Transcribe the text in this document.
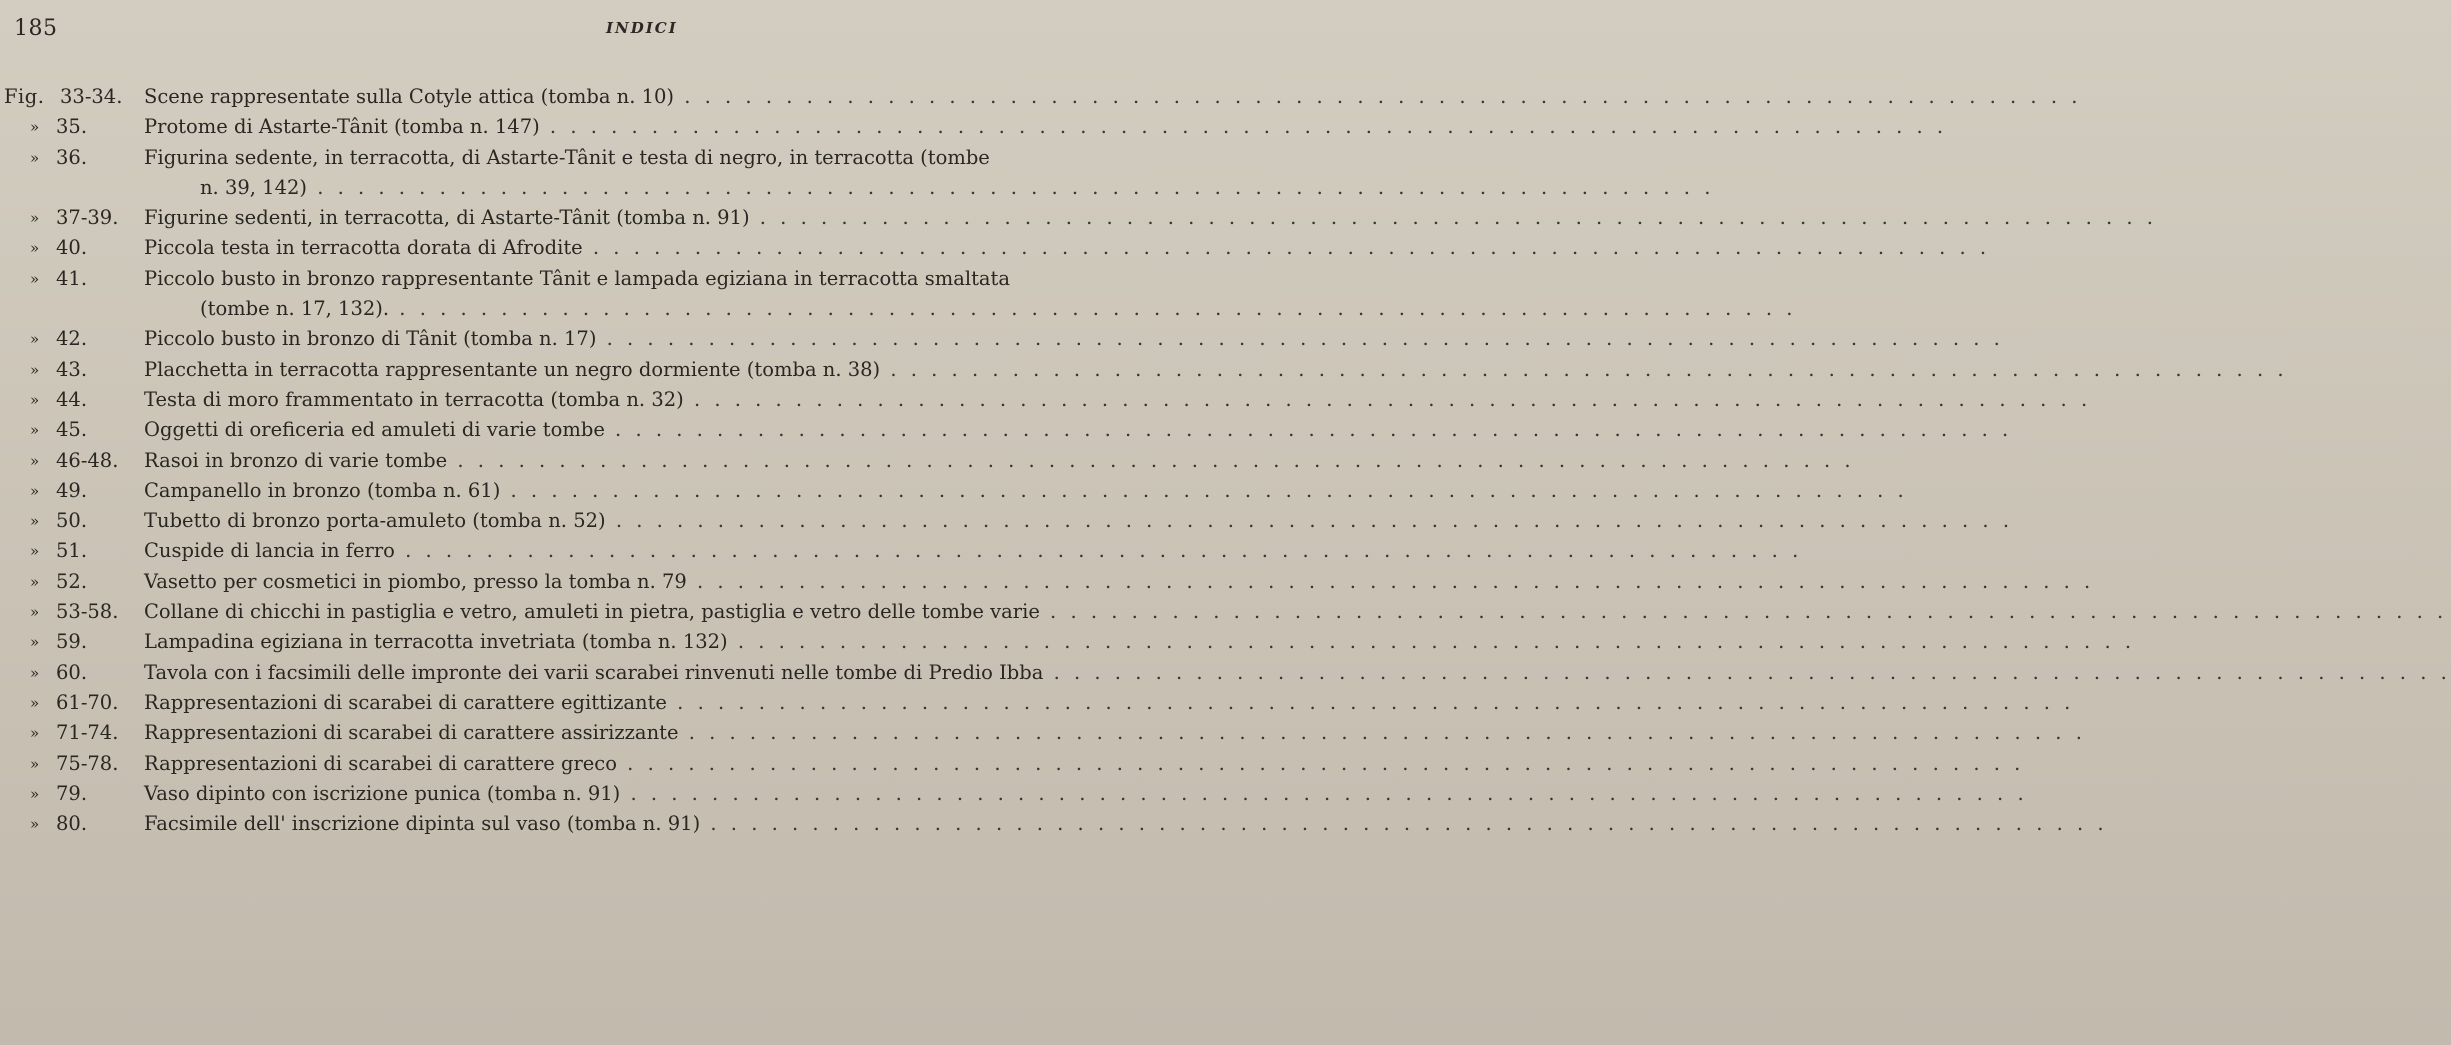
185	INDICI
Fig. 33-34.	Scene rappresentate sulla Cotyle attica (tomba n. 10) . . . . . . . . . . . . . . . . . . . . . . . . . . . . . . . . . . . . . . . . . . . . . . . . . . . . . . . . . . . . . . . . . . . . .
» 35.	Protome di Astarte-Tânit (tomba n. 147) . . . . . . . . . . . . . . . . . . . . . . . . . . . . . . . . . . . . . . . . . . . . . . . . . . . . . . . . . . . . . . . . . . . . .
» 36.	Figurina sedente, in terracotta, di Astarte-Tânit e testa di negro, in terracotta (tombe
n. 39, 142) . . . . . . . . . . . . . . . . . . . . . . . . . . . . . . . . . . . . . . . . . . . . . . . . . . . . . . . . . . . . . . . . . . . . .
» 37-39.	Figurine sedenti, in terracotta, di Astarte-Tânit (tomba n. 91) . . . . . . . . . . . . . . . . . . . . . . . . . . . . . . . . . . . . . . . . . . . . . . . . . . . . . . . . . . . . . . . . . . . . .
» 40.	Piccola testa in terracotta dorata di Afrodite . . . . . . . . . . . . . . . . . . . . . . . . . . . . . . . . . . . . . . . . . . . . . . . . . . . . . . . . . . . . . . . . . . . . .
» 41.	Piccolo busto in bronzo rappresentante Tânit e lampada egiziana in terracotta smaltata
(tombe n. 17, 132). . . . . . . . . . . . . . . . . . . . . . . . . . . . . . . . . . . . . . . . . . . . . . . . . . . . . . . . . . . . . . . . . . . . . .
» 42.	Piccolo busto in bronzo di Tânit (tomba n. 17) . . . . . . . . . . . . . . . . . . . . . . . . . . . . . . . . . . . . . . . . . . . . . . . . . . . . . . . . . . . . . . . . . . . . .
» 43.	Placchetta in terracotta rappresentante un negro dormiente (tomba n. 38) . . . . . . . . . . . . . . . . . . . . . . . . . . . . . . . . . . . . . . . . . . . . . . . . . . . . . . . . . . . . . . . . . . . . .
» 44.	Testa di moro frammentato in terracotta (tomba n. 32) . . . . . . . . . . . . . . . . . . . . . . . . . . . . . . . . . . . . . . . . . . . . . . . . . . . . . . . . . . . . . . . . . . . . .
» 45.	Oggetti di oreficeria ed amuleti di varie tombe . . . . . . . . . . . . . . . . . . . . . . . . . . . . . . . . . . . . . . . . . . . . . . . . . . . . . . . . . . . . . . . . . . . . .
» 46-48.	Rasoi in bronzo di varie tombe . . . . . . . . . . . . . . . . . . . . . . . . . . . . . . . . . . . . . . . . . . . . . . . . . . . . . . . . . . . . . . . . . . . . .
» 49.	Campanello in bronzo (tomba n. 61) . . . . . . . . . . . . . . . . . . . . . . . . . . . . . . . . . . . . . . . . . . . . . . . . . . . . . . . . . . . . . . . . . . . . .
» 50.	Tubetto di bronzo porta-amuleto (tomba n. 52) . . . . . . . . . . . . . . . . . . . . . . . . . . . . . . . . . . . . . . . . . . . . . . . . . . . . . . . . . . . . . . . . . . . . .
» 51.	Cuspide di lancia in ferro . . . . . . . . . . . . . . . . . . . . . . . . . . . . . . . . . . . . . . . . . . . . . . . . . . . . . . . . . . . . . . . . . . . . .
» 52.	Vasetto per cosmetici in piombo, presso la tomba n. 79 . . . . . . . . . . . . . . . . . . . . . . . . . . . . . . . . . . . . . . . . . . . . . . . . . . . . . . . . . . . . . . . . . . . . .
» 53-58.	Collane di chicchi in pastiglia e vetro, amuleti in pietra, pastiglia e vetro delle tombe varie . . . . . . . . . . . . . . . . . . . . . . . . . . . . . . . . . . . . . . . . . . . . . . . . . . . . . . . . . . . . . . . . . . . . .
» 59.	Lampadina egiziana in terracotta invetriata (tomba n. 132) . . . . . . . . . . . . . . . . . . . . . . . . . . . . . . . . . . . . . . . . . . . . . . . . . . . . . . . . . . . . . . . . . . . . .
» 60.	Tavola con i facsimili delle impronte dei varii scarabei rinvenuti nelle tombe di Predio Ibba . . . . . . . . . . . . . . . . . . . . . . . . . . . . . . . . . . . . . . . . . . . . . . . . . . . . . . . . . . . . . . . . . . . . .
» 61-70.	Rappresentazioni di scarabei di carattere egittizante . . . . . . . . . . . . . . . . . . . . . . . . . . . . . . . . . . . . . . . . . . . . . . . . . . . . . . . . . . . . . . . . . . . . .
» 71-74.	Rappresentazioni di scarabei di carattere assirizzante . . . . . . . . . . . . . . . . . . . . . . . . . . . . . . . . . . . . . . . . . . . . . . . . . . . . . . . . . . . . . . . . . . . . .
» 75-78.	Rappresentazioni di scarabei di carattere greco . . . . . . . . . . . . . . . . . . . . . . . . . . . . . . . . . . . . . . . . . . . . . . . . . . . . . . . . . . . . . . . . . . . . .
» 79.	Vaso dipinto con iscrizione punica (tomba n. 91) . . . . . . . . . . . . . . . . . . . . . . . . . . . . . . . . . . . . . . . . . . . . . . . . . . . . . . . . . . . . . . . . . . . . .
» 80.	Facsimile dell' inscrizione dipinta sul vaso (tomba n. 91) . . . . . . . . . . . . . . . . . . . . . . . . . . . . . . . . . . . . . . . . . . . . . . . . . . . . . . . . . . . . . . . . . . . . .
